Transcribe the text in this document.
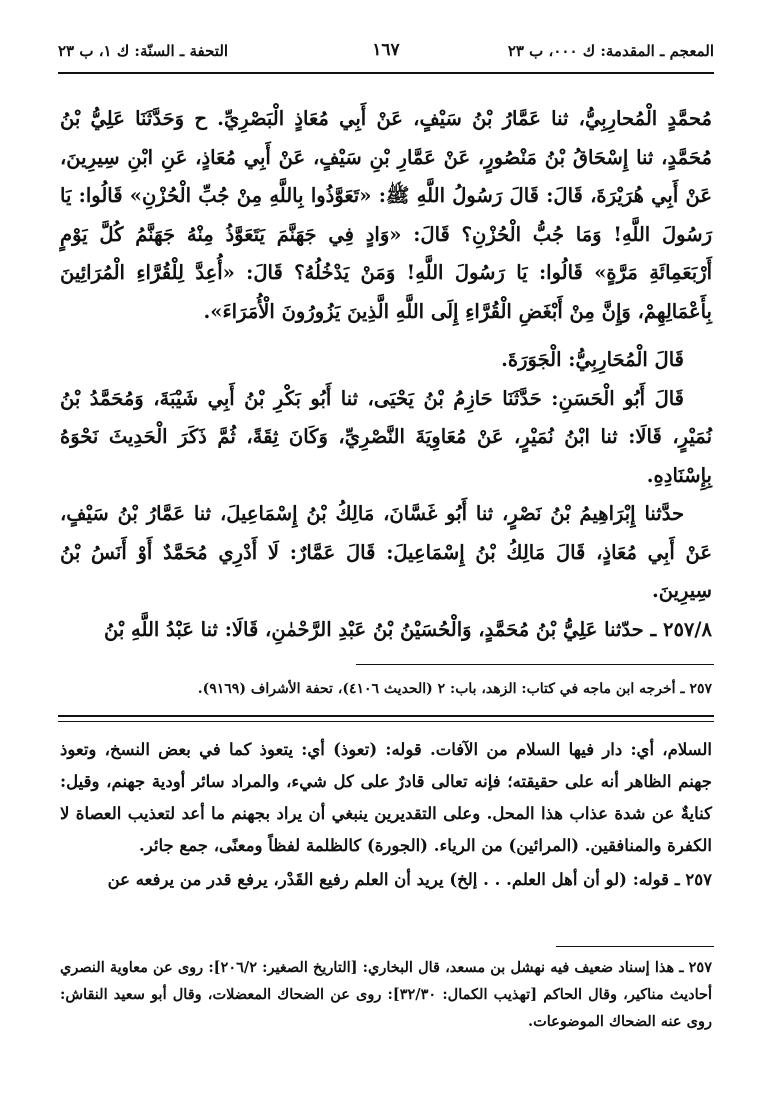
المعجم ـ المقدمة: ك ٠٠٠، ب ٢٣
١٦٧
التحفة ـ السنّة: ك ١، ب ٢٣

مُحمَّدٍ الْمُحارِبِيُّ، ثنا عَمَّارُ بْنُ سَيْفٍ، عَنْ أَبِي مُعَاذٍ الْبَصْرِيِّ. ح وَحَدَّثَنَا عَلِيُّ بْنُ مُحَمَّدٍ، ثنا إِسْحَاقُ بْنُ مَنْصُورٍ، عَنْ عَمَّارِ بْنِ سَيْفٍ، عَنْ أَبِي مُعَاذٍ، عَنِ ابْنِ سِيرِينَ، عَنْ أَبِي هُرَيْرَةَ، قَالَ: قَالَ رَسُولُ اللَّهِ ﷺ: «تَعَوَّذُوا بِاللَّهِ مِنْ جُبِّ الْحُزْنِ» قَالُوا: يَا رَسُولَ اللَّهِ! وَمَا جُبُّ الْحُزْنِ؟ قَالَ: «وَادٍ فِي جَهَنَّمَ يَتَعَوَّذُ مِنْهُ جَهَنَّمُ كُلَّ يَوْمٍ أَرْبَعَمِائَةِ مَرَّةٍ» قَالُوا: يَا رَسُولَ اللَّهِ! وَمَنْ يَدْخُلُهُ؟ قَالَ: «أُعِدَّ لِلْقُرَّاءِ الْمُرَائِينَ بِأَعْمَالِهِمْ، وَإِنَّ مِنْ أَبْغَضِ الْقُرَّاءِ إِلَى اللَّهِ الَّذِينَ يَزُورُونَ الْأُمَرَاءَ».

قَالَ الْمُحَارِبِيُّ: الْجَوَرَةَ.

قَالَ أَبُو الْحَسَنِ: حَدَّثَنَا حَازِمُ بْنُ يَحْيَى، ثنا أَبُو بَكْرِ بْنُ أَبِي شَيْبَةَ، وَمُحَمَّدُ بْنُ نُمَيْرٍ، قَالَا: ثنا ابْنُ نُمَيْرٍ، عَنْ مُعَاوِيَةَ النَّصْرِيِّ، وَكَانَ ثِقَةً، ثُمَّ ذَكَرَ الْحَدِيثَ نَحْوَهُ بِإِسْنَادِهِ.

حدَّثنا إِبْرَاهِيمُ بْنُ نَصْرٍ، ثنا أَبُو غَسَّانَ، مَالِكُ بْنُ إِسْمَاعِيلَ، ثنا عَمَّارُ بْنُ سَيْفٍ، عَنْ أَبِي مُعَاذٍ، قَالَ مَالِكُ بْنُ إِسْمَاعِيلَ: قَالَ عَمَّارٌ: لَا أَدْرِي مُحَمَّدٌ أَوْ أَنَسُ بْنُ سِيرِينَ.

٢٥٧/٨ ـ حدّثنا عَلِيُّ بْنُ مُحَمَّدٍ، وَالْحُسَيْنُ بْنُ عَبْدِ الرَّحْمٰنِ، قَالَا: ثنا عَبْدُ اللَّهِ بْنُ

٢٥٧ ـ أخرجه ابن ماجه في كتاب: الزهد، باب: ٢ (الحديث ٤١٠٦)، تحفة الأشراف (٩١٦٩).

السلام، أي: دار فيها السلام من الآفات. قوله: (تعوذ) أي: يتعوذ كما في بعض النسخ، وتعوذ جهنم الظاهر أنه على حقيقته؛ فإنه تعالى قادرٌ على كل شيء، والمراد سائر أودية جهنم، وقيل: كنايةٌ عن شدة عذاب هذا المحل. وعلى التقديرين ينبغي أن يراد بجهنم ما أعد لتعذيب العصاة لا الكفرة والمنافقين. (المرائين) من الرياء. (الجورة) كالظلمة لفظاً ومعنًى، جمع جائر.

٢٥٧ ـ قوله: (لو أن أهل العلم. . . إلخ) يريد أن العلم رفيع القَدْر، يرفع قدر من يرفعه عن

٢٥٧ ـ هذا إسناد ضعيف فيه نهشل بن مسعد، قال البخاري: [التاريخ الصغير: ٢٠٦/٢]: روى عن معاوية النصري أحاديث مناكير، وقال الحاكم [تهذيب الكمال: ٣٢/٣٠]: روى عن الضحاك المعضلات، وقال أبو سعيد النقاش: روى عنه الضحاك الموضوعات.
